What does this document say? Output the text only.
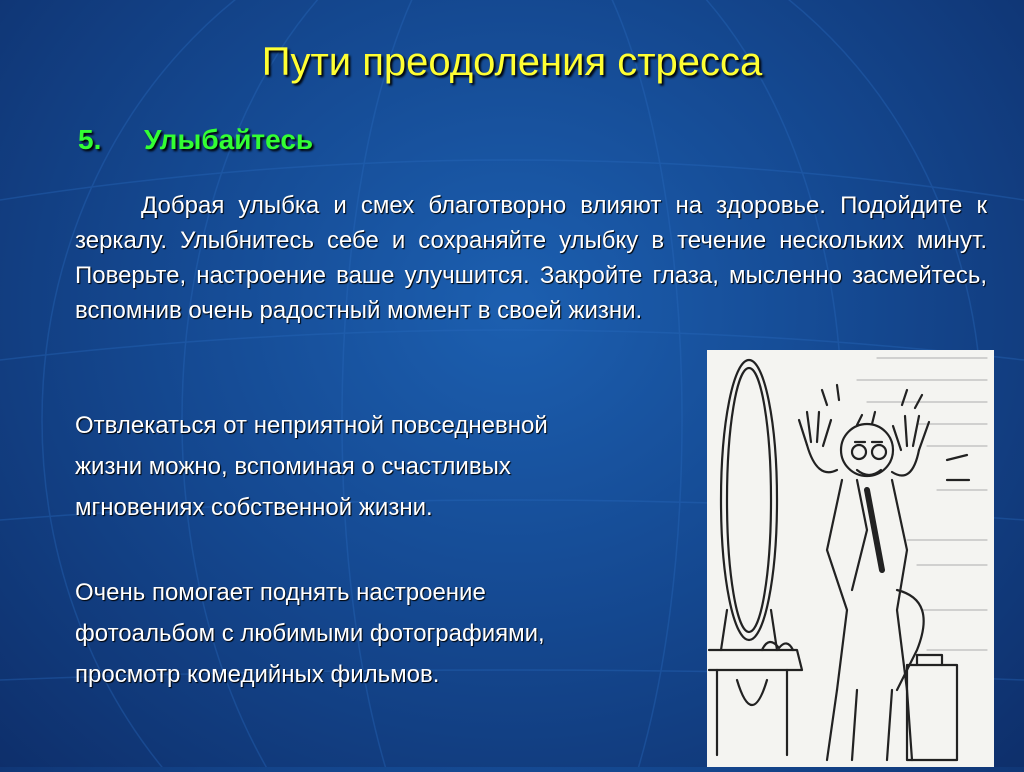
Пути преодоления стресса
5. Улыбайтесь
Добрая улыбка и смех благотворно влияют на здоровье. Подойдите к зеркалу. Улыбнитесь себе и сохраняйте улыбку в течение нескольких минут. Поверьте, настроение ваше улучшится. Закройте глаза, мысленно засмейтесь, вспомнив очень радостный момент в своей жизни.
Отвлекаться от неприятной повседневной
жизни можно, вспоминая о счастливых
мгновениях собственной жизни.
Очень помогает поднять настроение
фотоальбом с любимыми фотографиями,
просмотр комедийных фильмов.
